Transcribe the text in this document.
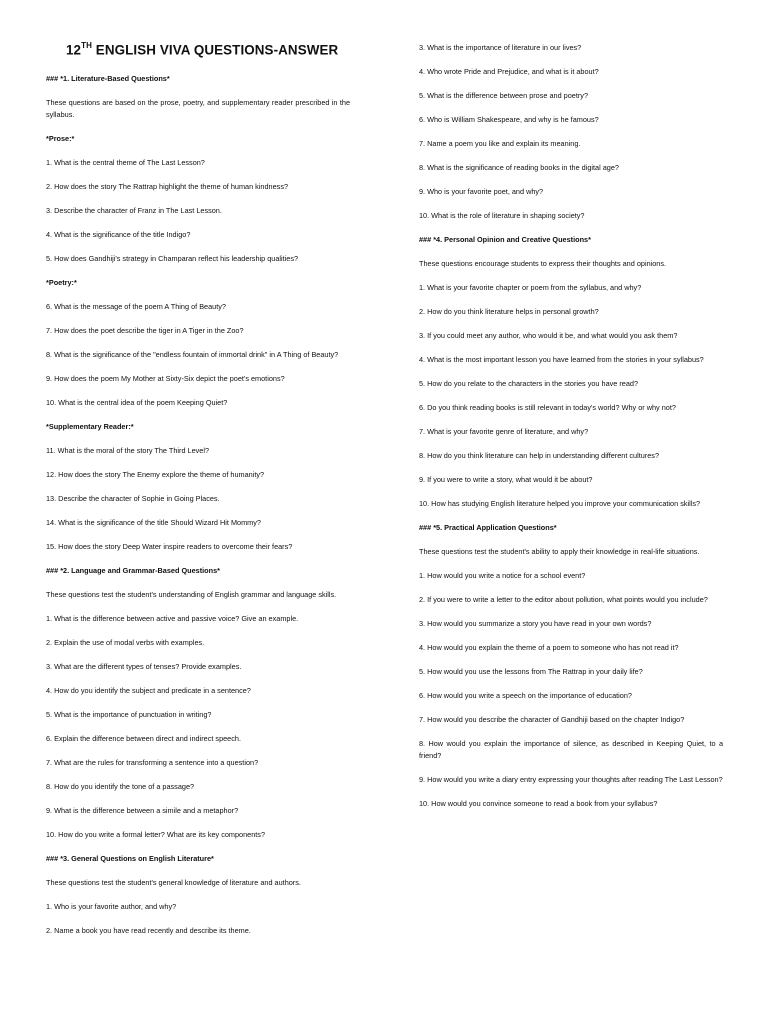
12TH ENGLISH VIVA QUESTIONS-ANSWER

### *1. Literature-Based Questions*

These questions are based on the prose, poetry, and supplementary reader prescribed in the syllabus.

*Prose:*

1. What is the central theme of The Last Lesson?

2. How does the story The Rattrap highlight the theme of human kindness?

3. Describe the character of Franz in The Last Lesson.

4. What is the significance of the title Indigo?

5. How does Gandhiji's strategy in Champaran reflect his leadership qualities?

*Poetry:*

6. What is the message of the poem A Thing of Beauty?

7. How does the poet describe the tiger in A Tiger in the Zoo?

8. What is the significance of the "endless fountain of immortal drink" in A Thing of Beauty?

9. How does the poem My Mother at Sixty-Six depict the poet's emotions?

10. What is the central idea of the poem Keeping Quiet?

*Supplementary Reader:*

11. What is the moral of the story The Third Level?

12. How does the story The Enemy explore the theme of humanity?

13. Describe the character of Sophie in Going Places.

14. What is the significance of the title Should Wizard Hit Mommy?

15. How does the story Deep Water inspire readers to overcome their fears?

### *2. Language and Grammar-Based Questions*

These questions test the student's understanding of English grammar and language skills.

1. What is the difference between active and passive voice? Give an example.

2. Explain the use of modal verbs with examples.

3. What are the different types of tenses? Provide examples.

4. How do you identify the subject and predicate in a sentence?

5. What is the importance of punctuation in writing?

6. Explain the difference between direct and indirect speech.

7. What are the rules for transforming a sentence into a question?

8. How do you identify the tone of a passage?

9. What is the difference between a simile and a metaphor?

10. How do you write a formal letter? What are its key components?

### *3. General Questions on English Literature*

These questions test the student's general knowledge of literature and authors.

1. Who is your favorite author, and why?

2. Name a book you have read recently and describe its theme.

3. What is the importance of literature in our lives?

4. Who wrote Pride and Prejudice, and what is it about?

5. What is the difference between prose and poetry?

6. Who is William Shakespeare, and why is he famous?

7. Name a poem you like and explain its meaning.

8. What is the significance of reading books in the digital age?

9. Who is your favorite poet, and why?

10. What is the role of literature in shaping society?

### *4. Personal Opinion and Creative Questions*

These questions encourage students to express their thoughts and opinions.

1. What is your favorite chapter or poem from the syllabus, and why?

2. How do you think literature helps in personal growth?

3. If you could meet any author, who would it be, and what would you ask them?

4. What is the most important lesson you have learned from the stories in your syllabus?

5. How do you relate to the characters in the stories you have read?

6. Do you think reading books is still relevant in today's world? Why or why not?

7. What is your favorite genre of literature, and why?

8. How do you think literature can help in understanding different cultures?

9. If you were to write a story, what would it be about?

10. How has studying English literature helped you improve your communication skills?

### *5. Practical Application Questions*

These questions test the student's ability to apply their knowledge in real-life situations.

1. How would you write a notice for a school event?

2. If you were to write a letter to the editor about pollution, what points would you include?

3. How would you summarize a story you have read in your own words?

4. How would you explain the theme of a poem to someone who has not read it?

5. How would you use the lessons from The Rattrap in your daily life?

6. How would you write a speech on the importance of education?

7. How would you describe the character of Gandhiji based on the chapter Indigo?

8. How would you explain the importance of silence, as described in Keeping Quiet, to a friend?

9. How would you write a diary entry expressing your thoughts after reading The Last Lesson?

10. How would you convince someone to read a book from your syllabus?
